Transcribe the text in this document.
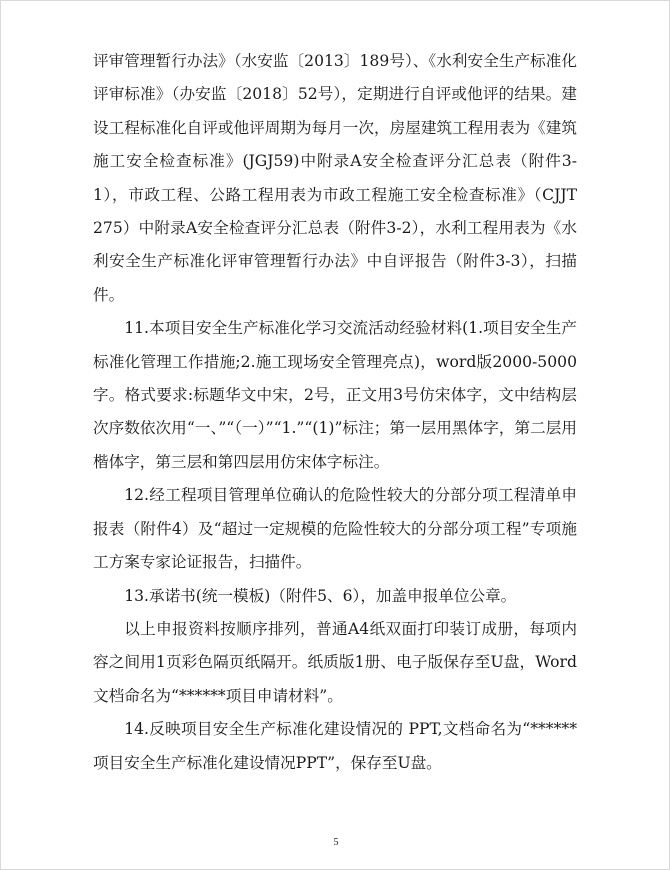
评审管理暂行办法》（水安监〔2013〕189号）、《水利安全生产标准化评审标准》（办安监〔2018〕52号），定期进行自评或他评的结果。建设工程标准化自评或他评周期为每月一次，房屋建筑工程用表为《建筑施工安全检查标准》(JGJ59)中附录A安全检查评分汇总表（附件3-1），市政工程、公路工程用表为市政工程施工安全检查标准》（CJJT 275）中附录A安全检查评分汇总表（附件3-2），水利工程用表为《水利安全生产标准化评审管理暂行办法》中自评报告（附件3-3），扫描件。

11.本项目安全生产标准化学习交流活动经验材料(1.项目安全生产标准化管理工作措施;2.施工现场安全管理亮点)，word版2000-5000字。格式要求:标题华文中宋，2号，正文用3号仿宋体字，文中结构层次序数依次用“一、”“（一）”“1.”“(1)”标注；第一层用黑体字，第二层用楷体字，第三层和第四层用仿宋体字标注。

12.经工程项目管理单位确认的危险性较大的分部分项工程清单申报表（附件4）及“超过一定规模的危险性较大的分部分项工程”专项施工方案专家论证报告，扫描件。

13.承诺书(统一模板)（附件5、6），加盖申报单位公章。

以上申报资料按顺序排列，普通A4纸双面打印装订成册，每项内容之间用1页彩色隔页纸隔开。纸质版1册、电子版保存至U盘，Word文档命名为“******项目申请材料”。

14.反映项目安全生产标准化建设情况的 PPT,文档命名为“******项目安全生产标准化建设情况PPT”，保存至U盘。

5
